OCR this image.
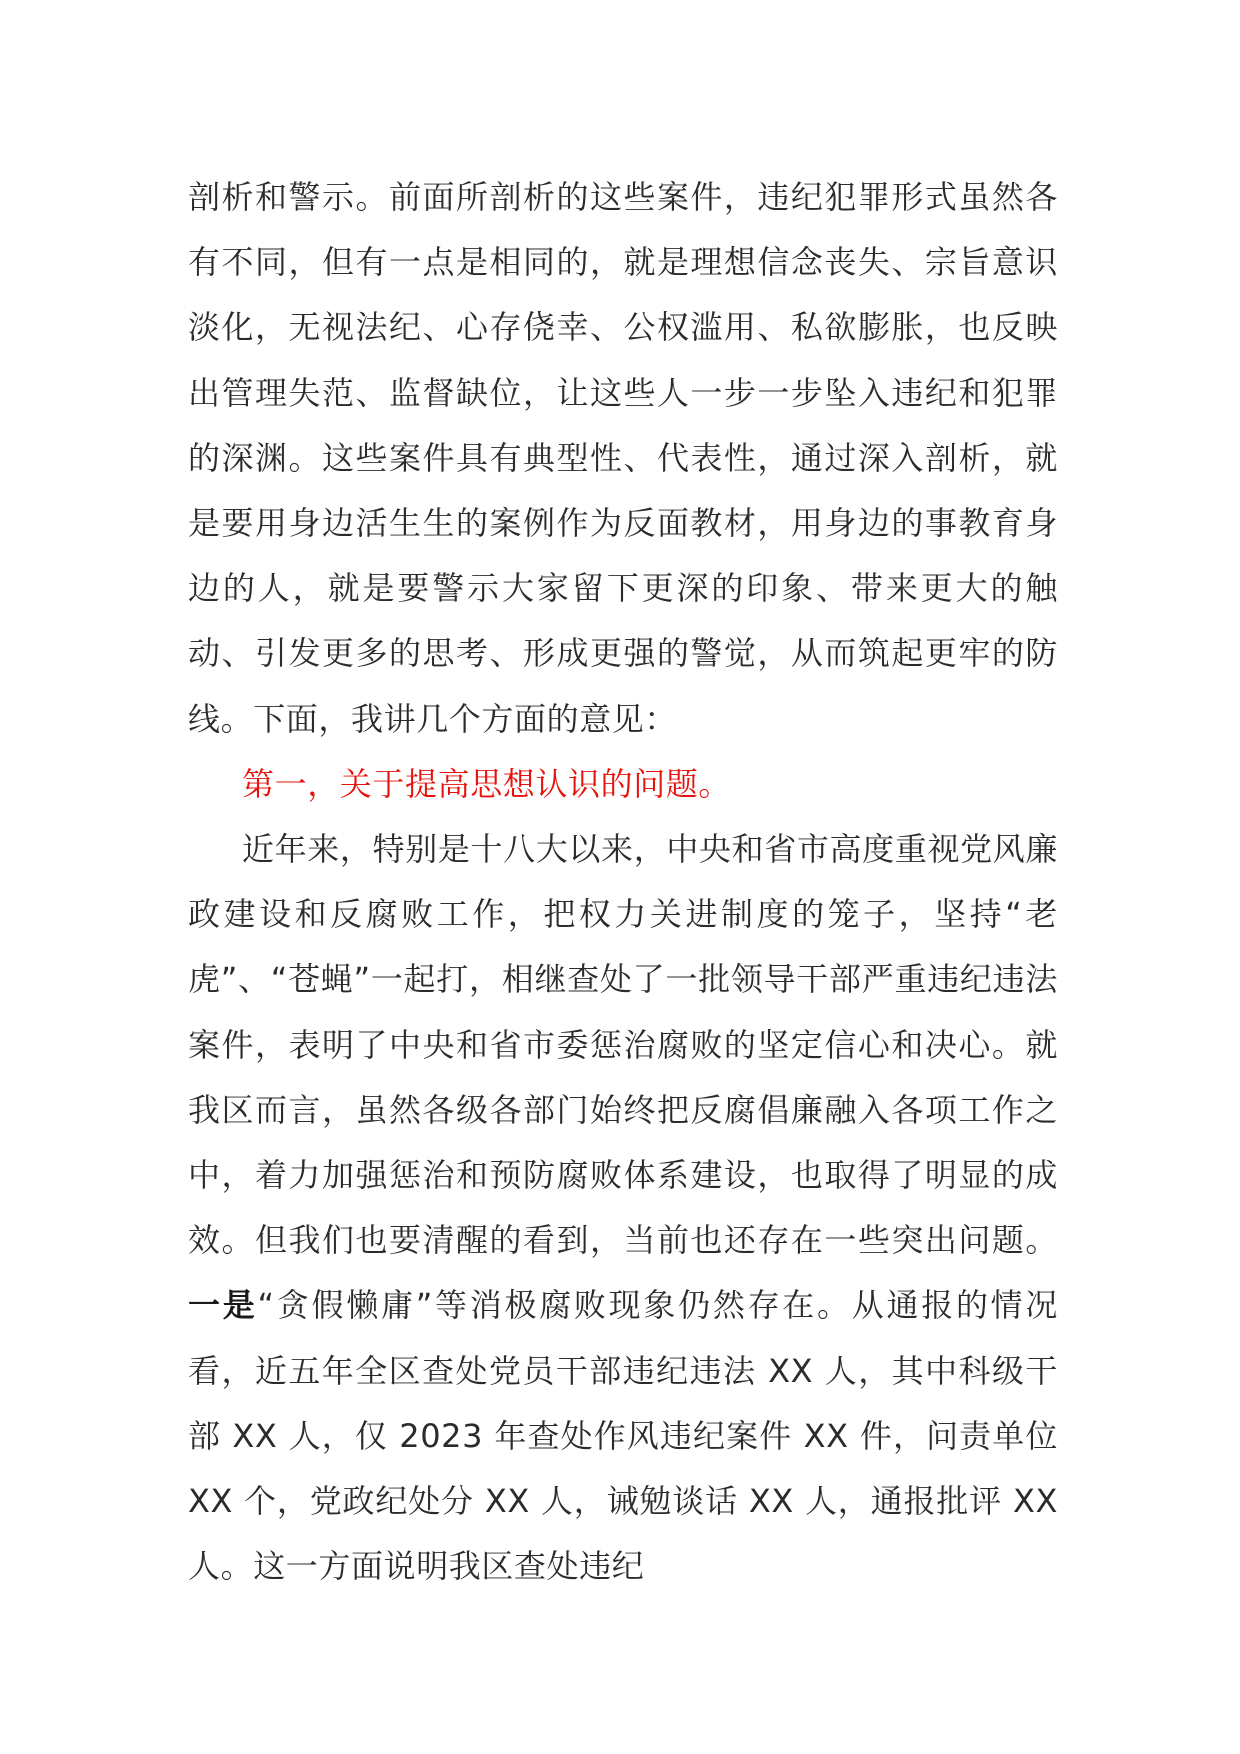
剖析和警示。前面所剖析的这些案件，违纪犯罪形式虽然各有不同，但有一点是相同的，就是理想信念丧失、宗旨意识淡化，无视法纪、心存侥幸、公权滥用、私欲膨胀，也反映出管理失范、监督缺位，让这些人一步一步坠入违纪和犯罪的深渊。这些案件具有典型性、代表性，通过深入剖析，就是要用身边活生生的案例作为反面教材，用身边的事教育身边的人，就是要警示大家留下更深的印象、带来更大的触动、引发更多的思考、形成更强的警觉，从而筑起更牢的防线。下面，我讲几个方面的意见：

第一，关于提高思想认识的问题。

近年来，特别是十八大以来，中央和省市高度重视党风廉政建设和反腐败工作，把权力关进制度的笼子，坚持“老虎”、“苍蝇”一起打，相继查处了一批领导干部严重违纪违法案件，表明了中央和省市委惩治腐败的坚定信心和决心。就我区而言，虽然各级各部门始终把反腐倡廉融入各项工作之中，着力加强惩治和预防腐败体系建设，也取得了明显的成效。但我们也要清醒的看到，当前也还存在一些突出问题。一是“贪假懒庸”等消极腐败现象仍然存在。从通报的情况看，近五年全区查处党员干部违纪违法 XX 人，其中科级干部 XX 人，仅 2023 年查处作风违纪案件 XX 件，问责单位 XX 个，党政纪处分 XX 人，诫勉谈话 XX 人，通报批评 XX 人。这一方面说明我区查处违纪
